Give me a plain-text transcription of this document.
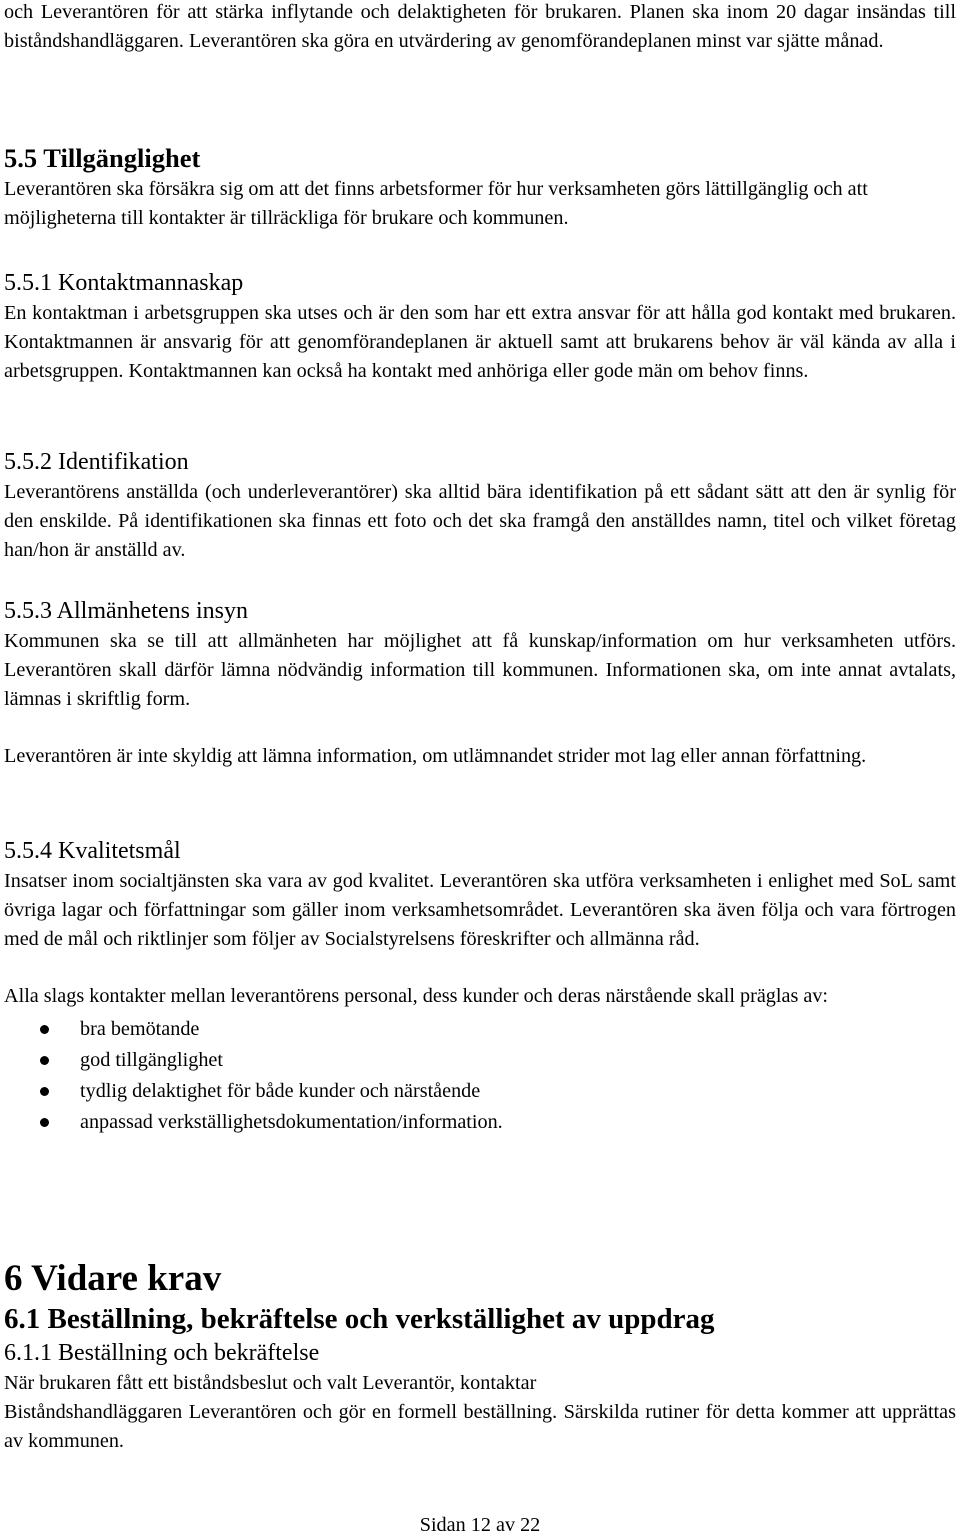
och Leverantören för att stärka inflytande och delaktigheten för brukaren. Planen ska inom 20 dagar insändas till biståndshandläggaren. Leverantören ska göra en utvärdering av genomförandeplanen minst var sjätte månad.

5.5 Tillgänglighet

Leverantören ska försäkra sig om att det finns arbetsformer för hur verksamheten görs lättillgänglig och att möjligheterna till kontakter är tillräckliga för brukare och kommunen.

5.5.1 Kontaktmannaskap

En kontaktman i arbetsgruppen ska utses och är den som har ett extra ansvar för att hålla god kontakt med brukaren. Kontaktmannen är ansvarig för att genomförandeplanen är aktuell samt att brukarens behov är väl kända av alla i arbetsgruppen. Kontaktmannen kan också ha kontakt med anhöriga eller gode män om behov finns.

5.5.2 Identifikation

Leverantörens anställda (och underleverantörer) ska alltid bära identifikation på ett sådant sätt att den är synlig för den enskilde. På identifikationen ska finnas ett foto och det ska framgå den anställdes namn, titel och vilket företag han/hon är anställd av.

5.5.3 Allmänhetens insyn

Kommunen ska se till att allmänheten har möjlighet att få kunskap/information om hur verksamheten utförs. Leverantören skall därför lämna nödvändig information till kommunen. Informationen ska, om inte annat avtalats, lämnas i skriftlig form.

Leverantören är inte skyldig att lämna information, om utlämnandet strider mot lag eller annan författning.

5.5.4 Kvalitetsmål

Insatser inom socialtjänsten ska vara av god kvalitet. Leverantören ska utföra verksamheten i enlighet med SoL samt övriga lagar och författningar som gäller inom verksamhetsområdet. Leverantören ska även följa och vara förtrogen med de mål och riktlinjer som följer av Socialstyrelsens föreskrifter och allmänna råd.

Alla slags kontakter mellan leverantörens personal, dess kunder och deras närstående skall präglas av:

bra bemötande
god tillgänglighet
tydlig delaktighet för både kunder och närstående
anpassad verkställighetsdokumentation/information.
6 Vidare krav
6.1 Beställning, bekräftelse och verkställighet av uppdrag
6.1.1 Beställning och bekräftelse

När brukaren fått ett biståndsbeslut och valt Leverantör, kontaktar

Biståndshandläggaren Leverantören och gör en formell beställning. Särskilda rutiner för detta kommer att upprättas av kommunen.

Sidan 12 av 22
